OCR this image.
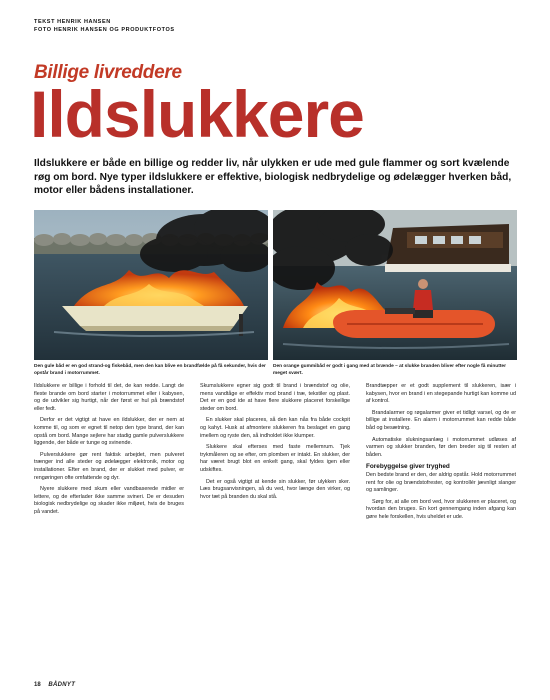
TEKST HENRIK HANSEN
FOTO HENRIK HANSEN OG PRODUKTFOTOS
Billige livreddere
Ildslukkere
Ildslukkere er både en billige og redder liv, når ulykken er ude med gule flammer og sort kvælende røg om bord. Nye typer ildslukkere er effektive, biologisk nedbrydelige og ødelægger hverken båd, motor eller bådens installationer.
Den gule båd er en god strand-og fiskebåd, men den kan blive en brandfælde på få sekunder, hvis der opstår brand i motorrummet.
Den orange gummibåd er godt i gang med at brænde – at slukke branden bliver efter nogle få minutter meget svært.

Ildslukkere er billige i forhold til det, de kan redde. Langt de fleste brande om bord starter i motorrummet eller i kabysen, og de udvikler sig hurtigt, når der først er hul på brændstof eller fedt.

Derfor er det vigtigt at have en ildslukker, der er nem at komme til, og som er egnet til netop den type brand, der kan opstå om bord. Mange sejlere har stadig gamle pulverslukkere liggende, der både er tunge og svinende.

Pulverslukkere gør rent faktisk arbejdet, men pulveret trænger ind alle steder og ødelægger elektronik, motor og installationer. Efter en brand, der er slukket med pulver, er rengøringen ofte omfattende og dyr.

Nyere slukkere med skum eller vandbaserede midler er lettere, og de efterlader ikke samme svineri. De er desuden biologisk nedbrydelige og skader ikke miljøet, hvis de bruges på vandet.

Skumslukkere egner sig godt til brand i brændstof og olie, mens vandtåge er effektiv mod brand i træ, tekstiler og plast. Det er en god ide at have flere slukkere placeret forskellige steder om bord.

En slukker skal placeres, så den kan nås fra både cockpit og kahyt. Husk at afmontere slukkeren fra beslaget en gang imellem og ryste den, så indholdet ikke klumper.

Slukkere skal efterses med faste mellemrum. Tjek trykmåleren og se efter, om plomben er intakt. En slukker, der har været brugt blot en enkelt gang, skal fyldes igen eller udskiftes.

Det er også vigtigt at kende sin slukker, før ulykken sker. Læs brugsanvisningen, så du ved, hvor længe den virker, og hvor tæt på branden du skal stå.

Brandtæpper er et godt supplement til slukkeren, især i kabysen, hvor en brand i en stegepande hurtigt kan komme ud af kontrol.

Brandalarmer og røgalarmer giver et tidligt varsel, og de er billige at installere. En alarm i motorrummet kan redde både båd og besætning.

Automatiske slukningsanlæg i motorrummet udløses af varmen og slukker branden, før den breder sig til resten af båden.

Forebyggelse giver tryghed

Den bedste brand er den, der aldrig opstår. Hold motorrummet rent for olie og brændstofrester, og kontrollér jævnligt slanger og samlinger.

Sørg for, at alle om bord ved, hvor slukkeren er placeret, og hvordan den bruges. En kort gennemgang inden afgang kan gøre hele forskellen, hvis uheldet er ude.

18 BÅDNYT
